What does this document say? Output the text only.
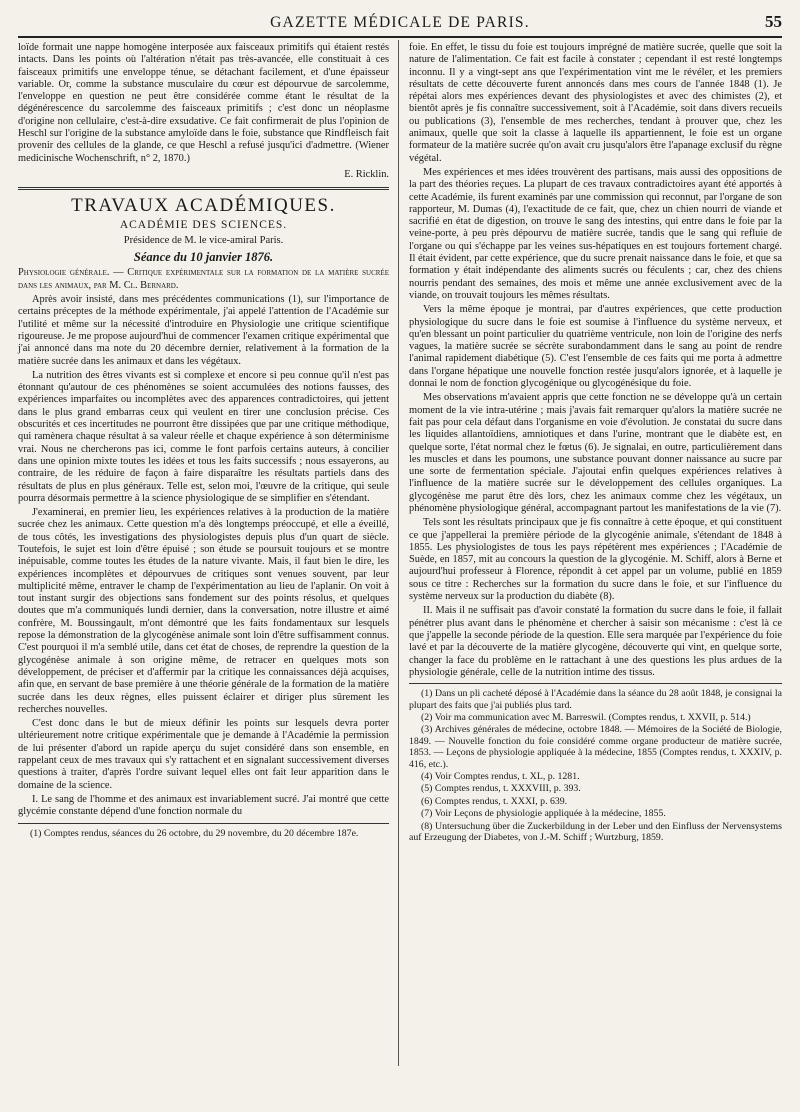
GAZETTE MÉDICALE DE PARIS.	55

loïde formait une nappe homogène interposée aux faisceaux primitifs qui étaient restés intacts. Dans les points où l'altération n'était pas très-avancée, elle constituait à ces faisceaux primitifs une enveloppe ténue, se détachant facilement, et d'une épaisseur variable. Or, comme la substance musculaire du cœur est dépourvue de sarcolemme, l'enveloppe en question ne peut être considérée comme étant le résultat de la dégénérescence du sarcolemme des faisceaux primitifs ; c'est donc un néoplasme d'origine non cellulaire, c'est-à-dire exsudative. Ce fait confirmerait de plus l'opinion de Heschl sur l'origine de la substance amyloïde dans le foie, substance que Rindfleisch fait provenir des cellules de la glande, ce que Heschl a refusé jusqu'ici d'admettre. (Wiener medicinische Wochenschrift, n° 2, 1870.)

E. Ricklin.
TRAVAUX ACADÉMIQUES.
ACADÉMIE DES SCIENCES.
Présidence de M. le vice-amiral Paris.
Séance du 10 janvier 1876.

Physiologie générale. — Critique expérimentale sur la formation de la matière sucrée dans les animaux, par M. Cl. Bernard.

Après avoir insisté, dans mes précédentes communications (1), sur l'importance de certains préceptes de la méthode expérimentale, j'ai appelé l'attention de l'Académie sur l'utilité et même sur la nécessité d'introduire en Physiologie une critique scientifique rigoureuse. Je me propose aujourd'hui de commencer l'examen critique expérimental que j'ai annoncé dans ma note du 20 décembre dernier, relativement à la formation de la matière sucrée dans les animaux et dans les végétaux.

La nutrition des êtres vivants est si complexe et encore si peu connue qu'il n'est pas étonnant qu'autour de ces phénomènes se soient accumulées des notions fausses, des expériences imparfaites ou incomplètes avec des apparences contradictoires, qui jettent dans le plus grand embarras ceux qui veulent en tirer une conclusion précise. Ces obscurités et ces incertitudes ne pourront être dissipées que par une critique méthodique, qui ramènera chaque résultat à sa valeur réelle et chaque expérience à son déterminisme vrai. Nous ne chercherons pas ici, comme le font parfois certains auteurs, à concilier dans une opinion mixte toutes les idées et tous les faits successifs ; nous essayerons, au contraire, de les réduire de façon à faire disparaître les résultats partiels dans des résultats de plus en plus généraux. Telle est, selon moi, l'œuvre de la critique, qui seule pourra désormais permettre à la science physiologique de se simplifier en s'étendant.

J'examinerai, en premier lieu, les expériences relatives à la production de la matière sucrée chez les animaux. Cette question m'a dès longtemps préoccupé, et elle a éveillé, de tous côtés, les investigations des physiologistes depuis plus d'un quart de siècle. Toutefois, le sujet est loin d'être épuisé ; son étude se poursuit toujours et se montre inépuisable, comme toutes les études de la nature vivante. Mais, il faut bien le dire, les expériences incomplètes et dépourvues de critiques sont venues souvent, par leur multiplicité même, entraver le champ de l'expérimentation au lieu de l'aplanir. On voit à tout instant surgir des objections sans fondement sur des points résolus, et quelques doutes que m'a communiqués lundi dernier, dans la conversation, notre illustre et aimé confrère, M. Boussingault, m'ont démontré que les faits fondamentaux sur lesquels repose la démonstration de la glycogénèse animale sont loin d'être suffisamment connus. C'est pourquoi il m'a semblé utile, dans cet état de choses, de reprendre la question de la glycogénèse animale à son origine même, de retracer en quelques mots son développement, de préciser et d'affermir par la critique les connaissances déjà acquises, afin que, en servant de base première à une théorie générale de la formation de la matière sucrée dans les deux règnes, elles puissent éclairer et diriger plus sûrement les recherches nouvelles.

C'est donc dans le but de mieux définir les points sur lesquels devra porter ultérieurement notre critique expérimentale que je demande à l'Académie la permission de lui présenter d'abord un rapide aperçu du sujet considéré dans son ensemble, en rappelant ceux de mes travaux qui s'y rattachent et en signalant successivement diverses questions à traiter, d'après l'ordre suivant lequel elles ont fait leur apparition dans le domaine de la science.

I. Le sang de l'homme et des animaux est invariablement sucré. J'ai montré que cette glycémie constante dépend d'une fonction normale du

(1) Comptes rendus, séances du 26 octobre, du 29 novembre, du 20 décembre 187e.

foie. En effet, le tissu du foie est toujours imprégné de matière sucrée, quelle que soit la nature de l'alimentation. Ce fait est facile à constater ; cependant il est resté longtemps inconnu. Il y a vingt-sept ans que l'expérimentation vint me le révéler, et les premiers résultats de cette découverte furent annoncés dans mes cours de l'année 1848 (1). Je répétai alors mes expériences devant des physiologistes et avec des chimistes (2), et bientôt après je fis connaître successivement, soit à l'Académie, soit dans divers recueils ou publications (3), l'ensemble de mes recherches, tendant à prouver que, chez les animaux, quelle que soit la classe à laquelle ils appartiennent, le foie est un organe formateur de la matière sucrée qu'on avait cru jusqu'alors être l'apanage exclusif du règne végétal.

Mes expériences et mes idées trouvèrent des partisans, mais aussi des oppositions de la part des théories reçues. La plupart de ces travaux contradictoires ayant été apportés à cette Académie, ils furent examinés par une commission qui reconnut, par l'organe de son rapporteur, M. Dumas (4), l'exactitude de ce fait, que, chez un chien nourri de viande et sacrifié en état de digestion, on trouve le sang des intestins, qui entre dans le foie par la veine-porte, à peu près dépourvu de matière sucrée, tandis que le sang qui refluie de l'organe ou qui s'échappe par les veines sus-hépatiques en est toujours fortement chargé. Il était évident, par cette expérience, que du sucre prenait naissance dans le foie, et que sa formation y était indépendante des aliments sucrés ou féculents ; car, chez des chiens nourris pendant des semaines, des mois et même une année exclusivement avec de la viande, on trouvait toujours les mêmes résultats.

Vers la même époque je montrai, par d'autres expériences, que cette production physiologique du sucre dans le foie est soumise à l'influence du système nerveux, et qu'en blessant un point particulier du quatrième ventricule, non loin de l'origine des nerfs vagues, la matière sucrée se sécrète surabondamment dans le sang au point de rendre l'animal rapidement diabétique (5). C'est l'ensemble de ces faits qui me porta à admettre dans l'organe hépatique une nouvelle fonction restée jusqu'alors ignorée, et à laquelle je donnai le nom de fonction glycogénique ou glycogénésique du foie.

Mes observations m'avaient appris que cette fonction ne se développe qu'à un certain moment de la vie intra-utérine ; mais j'avais fait remarquer qu'alors la matière sucrée ne fait pas pour cela défaut dans l'organisme en voie d'évolution. Je constatai du sucre dans les liquides allantoïdiens, amniotiques et dans l'urine, montrant que le diabète est, en quelque sorte, l'état normal chez le fœtus (6). Je signalai, en outre, particulièrement dans les muscles et dans les poumons, une substance pouvant donner naissance au sucre par une sorte de fermentation spéciale. J'ajoutai enfin quelques expériences relatives à l'influence de la matière sucrée sur le développement des cellules organiques. La glycogénèse me parut être dès lors, chez les animaux comme chez les végétaux, un phénomène physiologique général, accompagnant partout les manifestations de la vie (7).

Tels sont les résultats principaux que je fis connaître à cette époque, et qui constituent ce que j'appellerai la première période de la glycogénie animale, s'étendant de 1848 à 1855. Les physiologistes de tous les pays répétèrent mes expériences ; l'Académie de Suède, en 1857, mit au concours la question de la glycogénie. M. Schiff, alors à Berne et aujourd'hui professeur à Florence, répondit à cet appel par un volume, publié en 1859 sous ce titre : Recherches sur la formation du sucre dans le foie, et sur l'influence du système nerveux sur la production du diabète (8).

II. Mais il ne suffisait pas d'avoir constaté la formation du sucre dans le foie, il fallait pénétrer plus avant dans le phénomène et chercher à saisir son mécanisme : c'est là ce que j'appelle la seconde période de la question. Elle sera marquée par l'expérience du foie lavé et par la découverte de la matière glycogène, découverte qui vint, en quelque sorte, changer la face du problème en le rattachant à une des questions les plus ardues de la physiologie générale, celle de la nutrition intime des tissus.

(1) Dans un pli cacheté déposé à l'Académie dans la séance du 28 août 1848, je consignai la plupart des faits que j'ai publiés plus tard.

(2) Voir ma communication avec M. Barreswil. (Comptes rendus, t. XXVII, p. 514.)

(3) Archives générales de médecine, octobre 1848. — Mémoires de la Société de Biologie, 1849. — Nouvelle fonction du foie considéré comme organe producteur de matière sucrée, 1853. — Leçons de physiologie appliquée à la médecine, 1855 (Comptes rendus, t. XXXIV, p. 416, etc.).

(4) Voir Comptes rendus, t. XL, p. 1281.

(5) Comptes rendus, t. XXXVIII, p. 393.

(6) Comptes rendus, t. XXXI, p. 639.

(7) Voir Leçons de physiologie appliquée à la médecine, 1855.

(8) Untersuchung über die Zuckerbildung in der Leber und den Einfluss der Nervensystems auf Erzeugung der Diabetes, von J.-M. Schiff ; Wurtzburg, 1859.
